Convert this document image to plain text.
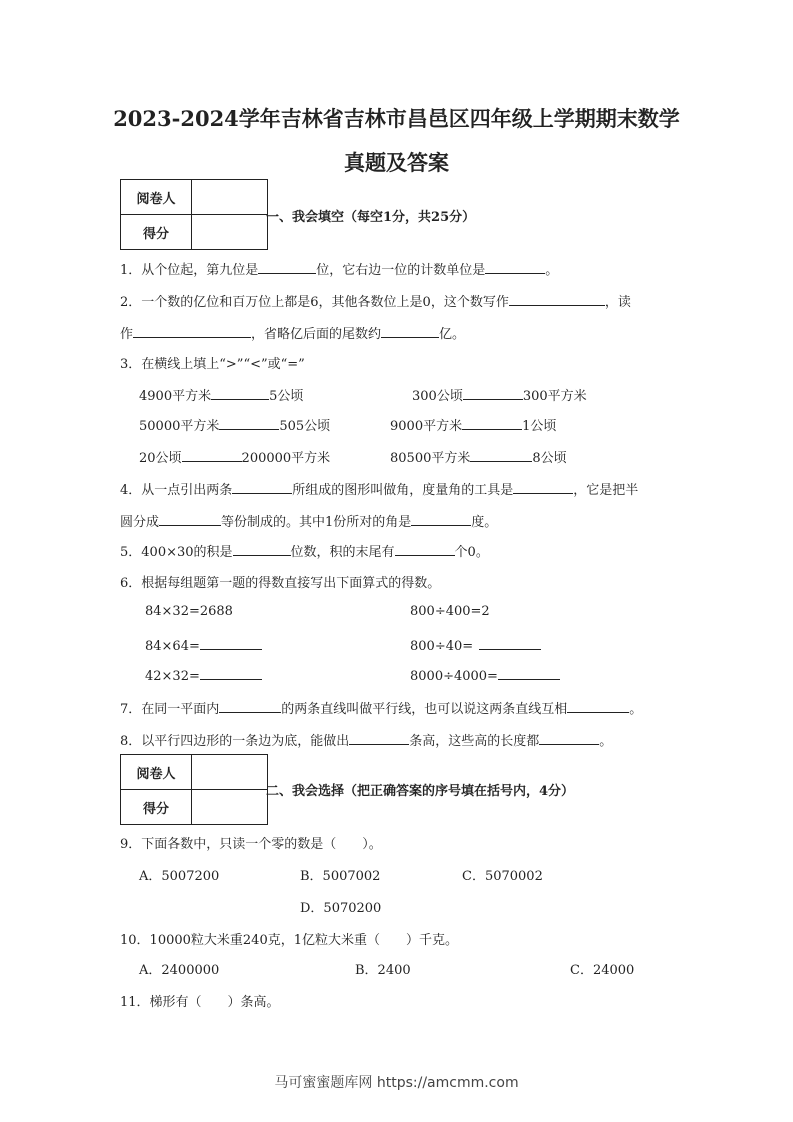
2023-2024学年吉林省吉林市昌邑区四年级上学期期末数学
真题及答案
阅卷人	
得分	
一、我会填空（每空1分，共25分）
1．从个位起，第九位是	位，它右边一位的计数单位是	。
2．一个数的亿位和百万位上都是6，其他各数位上是0，这个数写作	，读
作	，省略亿后面的尾数约	亿。
3．在横线上填上“>”“<”或“=”
4900平方米	5公顷	300公顷	300平方米
50000平方米	505公顷	9000平方米	1公顷
20公顷	200000平方米	80500平方米	8公顷
4．从一点引出两条	所组成的图形叫做角，度量角的工具是	，它是把半
圆分成	等份制成的。其中1份所对的角是	度。
5．400×30的积是	位数，积的末尾有	个0。
6．根据每组题第一题的得数直接写出下面算式的得数。
84×32=2688	800÷400=2
84×64=	800÷40=
42×32=	8000÷4000=
7．在同一平面内	的两条直线叫做平行线，也可以说这两条直线互相	。
8．以平行四边形的一条边为底，能做出	条高，这些高的长度都	。
阅卷人	
得分	
二、我会选择（把正确答案的序号填在括号内，4分）
9．下面各数中，只读一个零的数是（　　）。
A．5007200	B．5007002	C．5070002
D．5070200
10．10000粒大米重240克，1亿粒大米重（　　）千克。
A．2400000	B．2400	C．24000
11．梯形有（　　）条高。
马可蜜蜜题库网 https://amcmm.com
